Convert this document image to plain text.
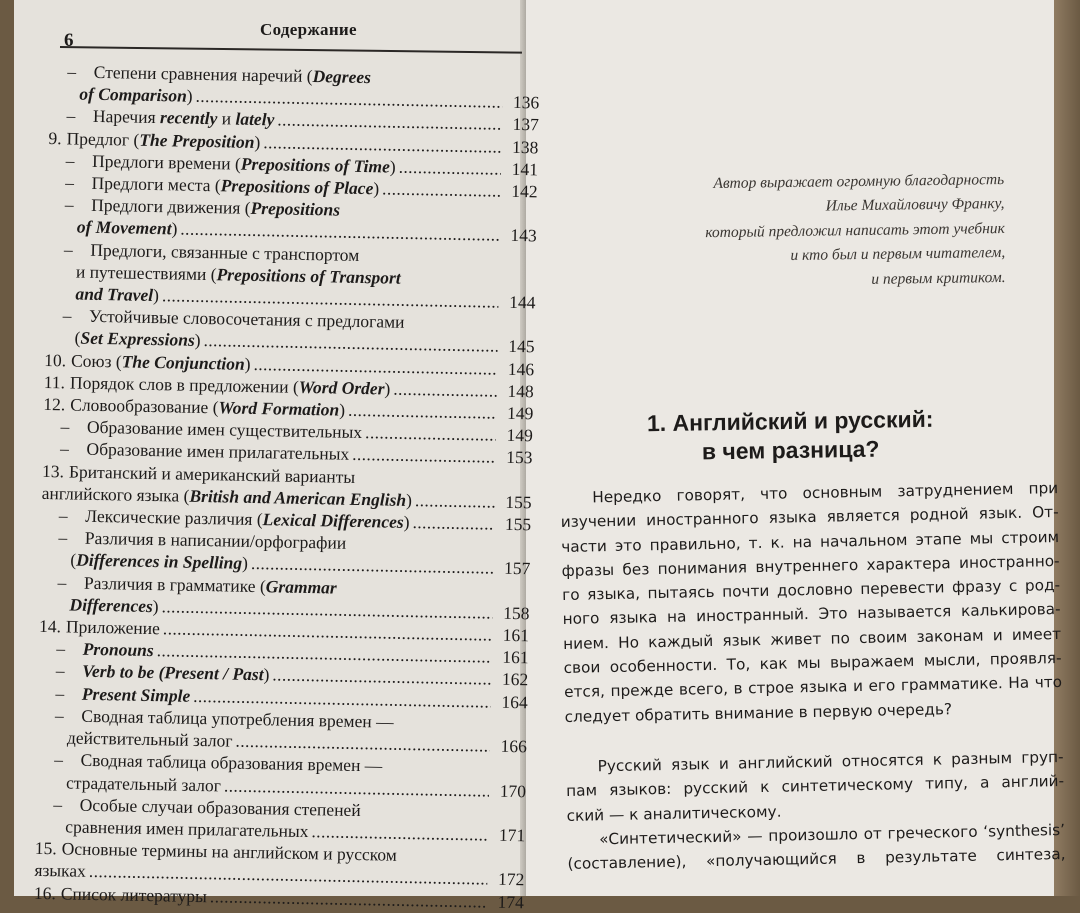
6
Содержание
– Степени сравнения наречий (Degrees
of Comparison) .....	136
– Наречия recently и lately .....	137
9. Предлог (The Preposition) .....	138
– Предлоги времени (Prepositions of Time) .....	141
– Предлоги места (Prepositions of Place) .....	142
– Предлоги движения (Prepositions
of Movement) .....	143
– Предлоги, связанные с транспортом
и путешествиями (Prepositions of Transport
and Travel) .....	144
– Устойчивые словосочетания с предлогами
(Set Expressions) .....	145
10. Союз (The Conjunction) .....	146
11. Порядок слов в предложении (Word Order) .....	148
12. Словообразование (Word Formation) .....	149
– Образование имен существительных .....	149
– Образование имен прилагательных .....	153
13. Британский и американский варианты
английского языка (British and American English) .....	155
– Лексические различия (Lexical Differences) .....	155
– Различия в написании/орфографии
(Differences in Spelling) .....	157
– Различия в грамматике (Grammar
Differences) .....	158
14. Приложение .....	161
– Pronouns .....	161
– Verb to be (Present / Past) .....	162
– Present Simple .....	164
– Сводная таблица употребления времен —
действительный залог .....	166
– Сводная таблица образования времен —
страдательный залог .....	170
– Особые случаи образования степеней
сравнения имен прилагательных .....	171
15. Основные термины на английском и русском
языках .....	172
16. Список литературы .....	174
Автор выражает огромную благодарность
Илье Михайловичу Франку,
который предложил написать этот учебник
и кто был и первым читателем,
и первым критиком.
1. Английский и русский:
в чем разница?
Нередко говорят, что основным затруднением при
изучении иностранного языка является родной язык. От-
части это правильно, т. к. на начальном этапе мы строим
фразы без понимания внутреннего характера иностранно-
го языка, пытаясь почти дословно перевести фразу с род-
ного языка на иностранный. Это называется калькирова-
нием. Но каждый язык живет по своим законам и имеет
свои особенности. То, как мы выражаем мысли, проявля-
ется, прежде всего, в строе языка и его грамматике. На что
следует обратить внимание в первую очередь?
Русский язык и английский относятся к разным груп-
пам языков: русский к синтетическому типу, а англий-
ский — к аналитическому.
«Синтетический» — произошло от греческого ‘synthesis’
(составление), «получающийся в результате синтеза,
